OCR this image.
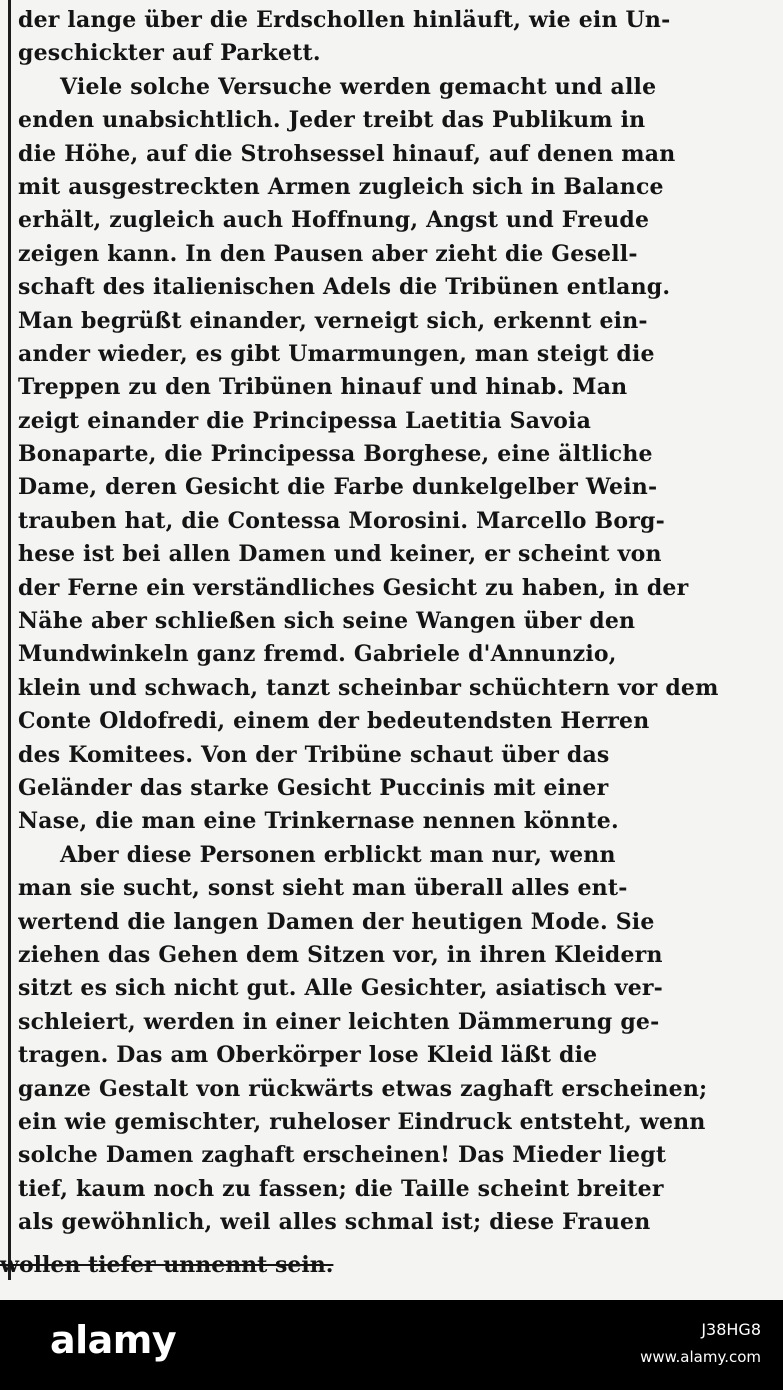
der lange über die Erdschollen hinläuft, wie ein Un-
geschickter auf Parkett.
Viele solche Versuche werden gemacht und alle
enden unabsichtlich. Jeder treibt das Publikum in
die Höhe, auf die Strohsessel hinauf, auf denen man
mit ausgestreckten Armen zugleich sich in Balance
erhält, zugleich auch Hoffnung, Angst und Freude
zeigen kann. In den Pausen aber zieht die Gesell-
schaft des italienischen Adels die Tribünen entlang.
Man begrüßt einander, verneigt sich, erkennt ein-
ander wieder, es gibt Umarmungen, man steigt die
Treppen zu den Tribünen hinauf und hinab. Man
zeigt einander die Principessa Laetitia Savoia
Bonaparte, die Principessa Borghese, eine ältliche
Dame, deren Gesicht die Farbe dunkelgelber Wein-
trauben hat, die Contessa Morosini. Marcello Borg-
hese ist bei allen Damen und keiner, er scheint von
der Ferne ein verständliches Gesicht zu haben, in der
Nähe aber schließen sich seine Wangen über den
Mundwinkeln ganz fremd. Gabriele d'Annunzio,
klein und schwach, tanzt scheinbar schüchtern vor dem
Conte Oldofredi, einem der bedeutendsten Herren
des Komitees. Von der Tribüne schaut über das
Geländer das starke Gesicht Puccinis mit einer
Nase, die man eine Trinkernase nennen könnte.
Aber diese Personen erblickt man nur, wenn
man sie sucht, sonst sieht man überall alles ent-
wertend die langen Damen der heutigen Mode. Sie
ziehen das Gehen dem Sitzen vor, in ihren Kleidern
sitzt es sich nicht gut. Alle Gesichter, asiatisch ver-
schleiert, werden in einer leichten Dämmerung ge-
tragen. Das am Oberkörper lose Kleid läßt die
ganze Gestalt von rückwärts etwas zaghaft erscheinen;
ein wie gemischter, ruheloser Eindruck entsteht, wenn
solche Damen zaghaft erscheinen! Das Mieder liegt
tief, kaum noch zu fassen; die Taille scheint breiter
als gewöhnlich, weil alles schmal ist; diese Frauen
wollen tiefer unnennt sein.
alamy	J38HG8
www.alamy.com
